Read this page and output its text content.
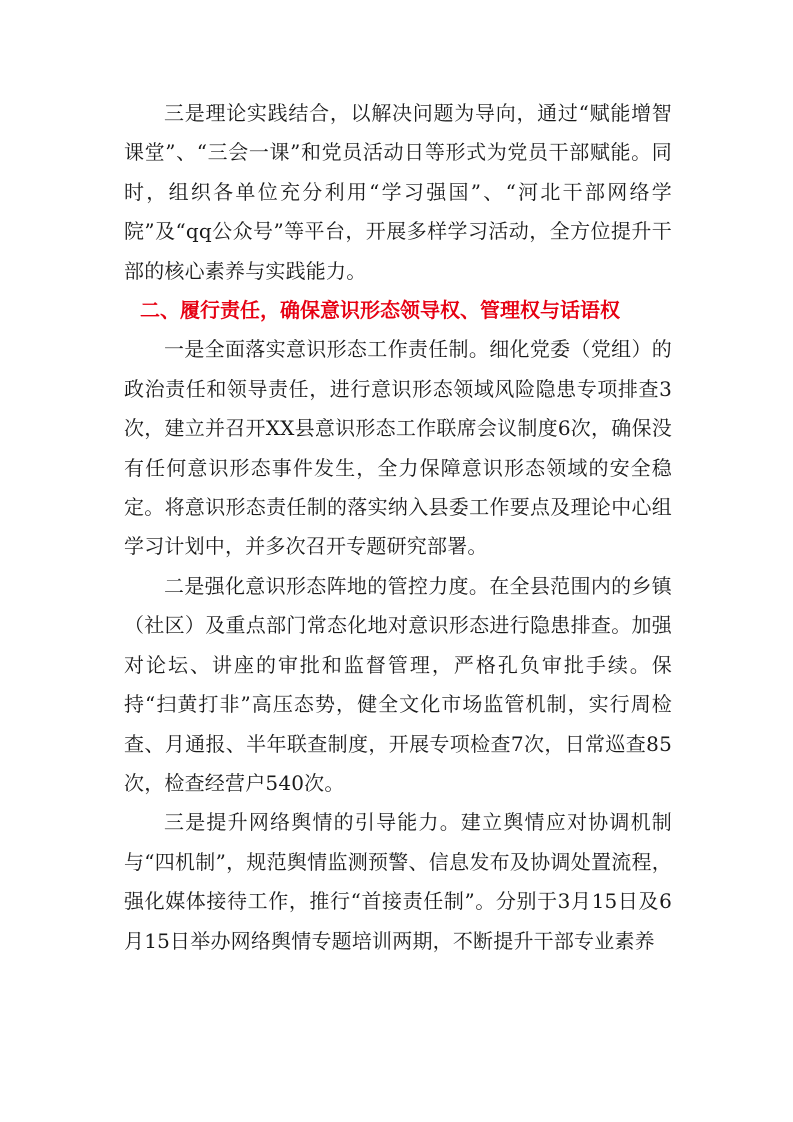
三是理论实践结合，以解决问题为导向，通过“赋能增智课堂”、“三会一课”和党员活动日等形式为党员干部赋能。同时，组织各单位充分利用“学习强国”、“河北干部网络学院”及“qq公众号”等平台，开展多样学习活动，全方位提升干部的核心素养与实践能力。

二、履行责任，确保意识形态领导权、管理权与话语权

一是全面落实意识形态工作责任制。细化党委（党组）的政治责任和领导责任，进行意识形态领域风险隐患专项排查3次，建立并召开XX县意识形态工作联席会议制度6次，确保没有任何意识形态事件发生，全力保障意识形态领域的安全稳定。将意识形态责任制的落实纳入县委工作要点及理论中心组学习计划中，并多次召开专题研究部署。

二是强化意识形态阵地的管控力度。在全县范围内的乡镇（社区）及重点部门常态化地对意识形态进行隐患排查。加强对论坛、讲座的审批和监督管理，严格孔负审批手续。保持“扫黄打非”高压态势，健全文化市场监管机制，实行周检查、月通报、半年联查制度，开展专项检查7次，日常巡查85次，检查经营户540次。

三是提升网络舆情的引导能力。建立舆情应对协调机制与“四机制”，规范舆情监测预警、信息发布及协调处置流程，强化媒体接待工作，推行“首接责任制”。分别于3月15日及6月15日举办网络舆情专题培训两期，不断提升干部专业素养
